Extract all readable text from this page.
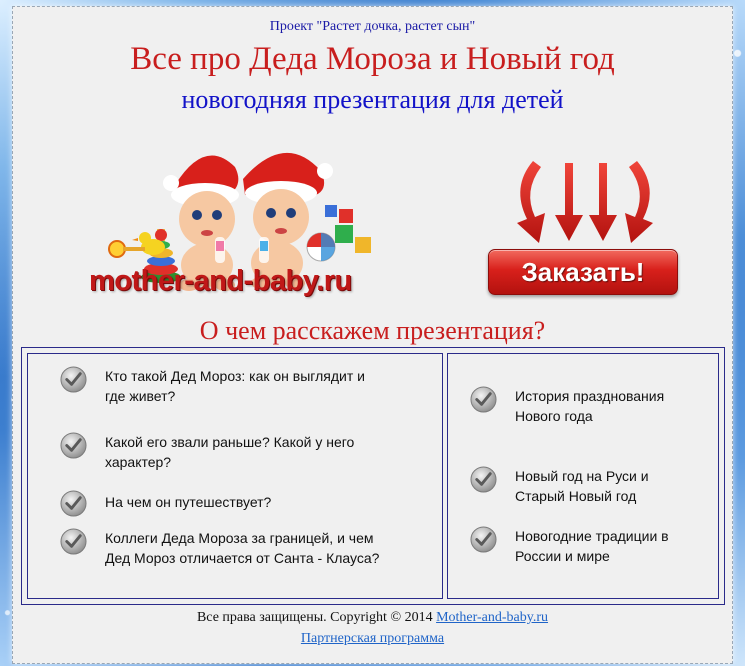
Проект "Растет дочка, растет сын"
Все про Деда Мороза и Новый год
новогодняя презентация для детей
mother-and-baby.ru	Заказать!
О чем расскажем презентация?
Кто такой Дед Мороз: как он выглядит и где живет?
Какой его звали раньше? Какой у него характер?
На чем он путешествует?
Коллеги Деда Мороза за границей, и чем Дед Мороз отличается от Санта - Клауса?
История празднования Нового года
Новый год на Руси и Старый Новый год
Новогодние традиции в России и мире
Все права защищены. Copyright © 2014 Mother-and-baby.ru
Партнерская программа
